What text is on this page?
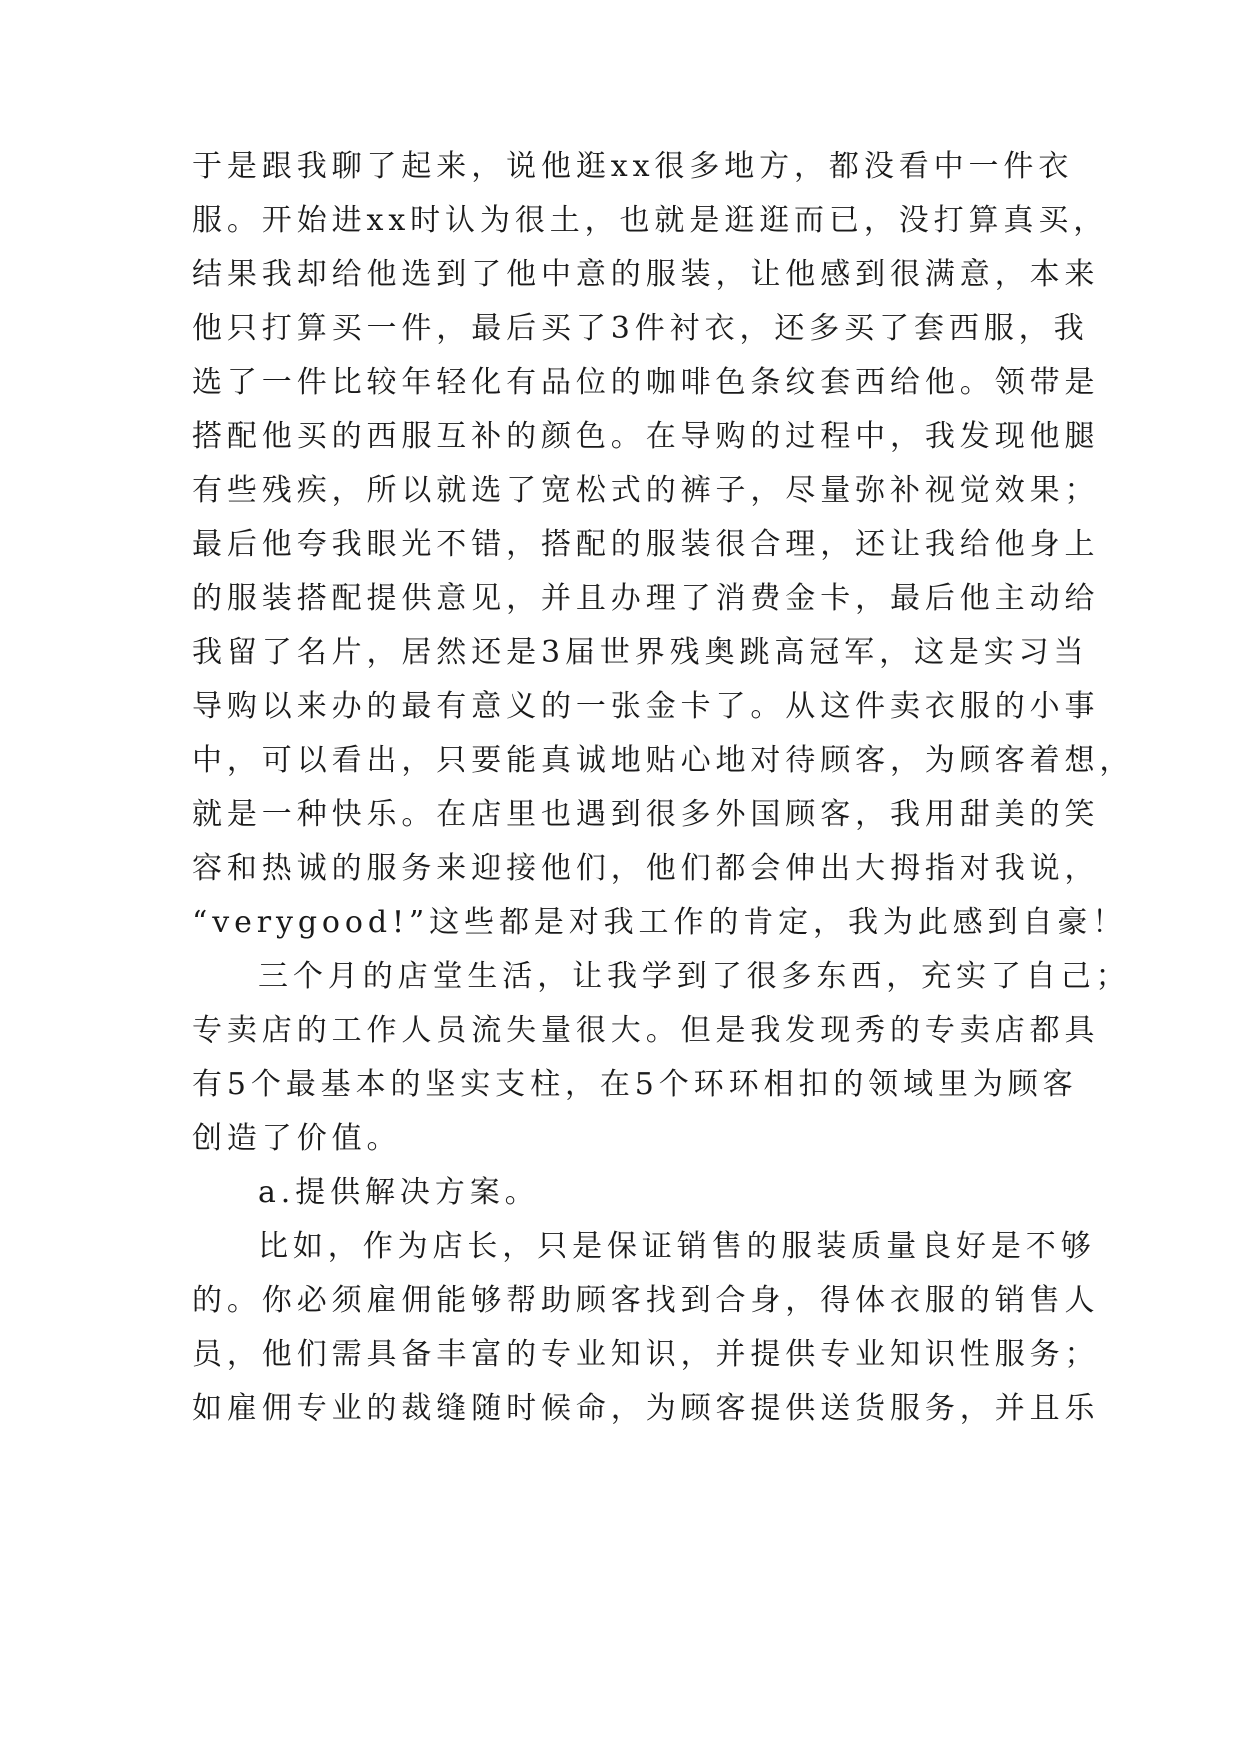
于是跟我聊了起来，说他逛xx很多地方，都没看中一件衣
服。开始进xx时认为很土，也就是逛逛而已，没打算真买，
结果我却给他选到了他中意的服装，让他感到很满意，本来
他只打算买一件，最后买了3件衬衣，还多买了套西服，我
选了一件比较年轻化有品位的咖啡色条纹套西给他。领带是
搭配他买的西服互补的颜色。在导购的过程中，我发现他腿
有些残疾，所以就选了宽松式的裤子，尽量弥补视觉效果；
最后他夸我眼光不错，搭配的服装很合理，还让我给他身上
的服装搭配提供意见，并且办理了消费金卡，最后他主动给
我留了名片，居然还是3届世界残奥跳高冠军，这是实习当
导购以来办的最有意义的一张金卡了。从这件卖衣服的小事
中，可以看出，只要能真诚地贴心地对待顾客，为顾客着想，
就是一种快乐。在店里也遇到很多外国顾客，我用甜美的笑
容和热诚的服务来迎接他们，他们都会伸出大拇指对我说，
“verygood!”这些都是对我工作的肯定，我为此感到自豪！
三个月的店堂生活，让我学到了很多东西，充实了自己；
专卖店的工作人员流失量很大。但是我发现秀的专卖店都具
有5个最基本的坚实支柱，在5个环环相扣的领域里为顾客
创造了价值。
a.提供解决方案。
比如，作为店长，只是保证销售的服装质量良好是不够
的。你必须雇佣能够帮助顾客找到合身，得体衣服的销售人
员，他们需具备丰富的专业知识，并提供专业知识性服务；
如雇佣专业的裁缝随时候命，为顾客提供送货服务，并且乐
